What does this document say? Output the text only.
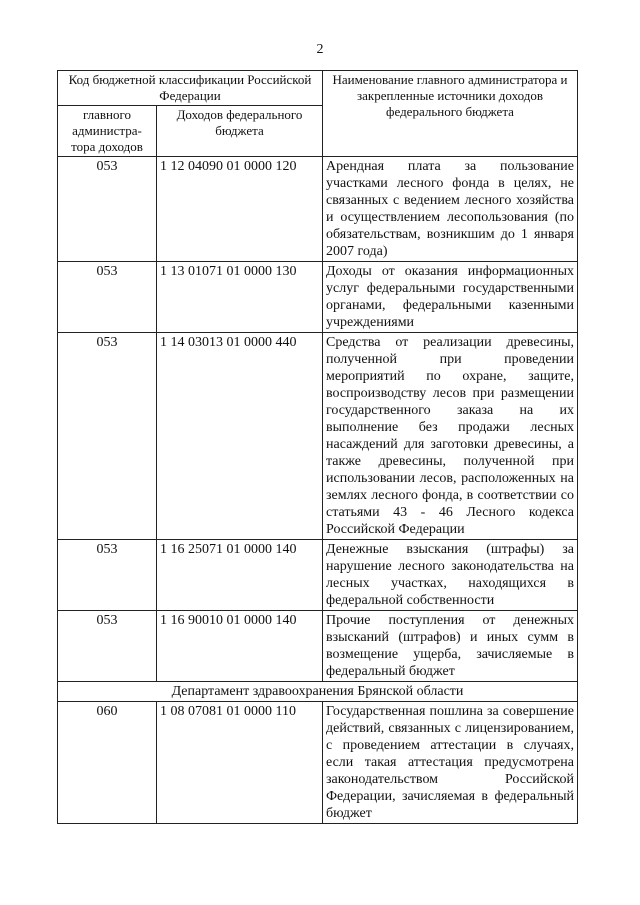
2
Код бюджетной классификации Российской Федерации		Наименование главного администратора и закрепленные источники доходов федерального бюджета
главного администра-тора доходов	Доходов федерального бюджета	
053	1 12 04090 01 0000 120	Арендная плата за пользование участками лесного фонда в целях, не связанных с ведением лесного хозяйства и осуществлением лесопользования (по обязательствам, возникшим до 1 января 2007 года)
053	1 13 01071 01 0000 130	Доходы от оказания информационных услуг федеральными государственными органами, федеральными казенными учреждениями
053	1 14 03013 01 0000 440	Средства от реализации древесины, полученной при проведении мероприятий по охране, защите, воспроизводству лесов при размещении государственного заказа на их выполнение без продажи лесных насаждений для заготовки древесины, а также древесины, полученной при использовании лесов, расположенных на землях лесного фонда, в соответствии со статьями 43 - 46 Лесного кодекса Российской Федерации
053	1 16 25071 01 0000 140	Денежные взыскания (штрафы) за нарушение лесного законодательства на лесных участках, находящихся в федеральной собственности
053	1 16 90010 01 0000 140	Прочие поступления от денежных взысканий (штрафов) и иных сумм в возмещение ущерба, зачисляемые в федеральный бюджет
Департамент здравоохранения Брянской области		
060	1 08 07081 01 0000 110	Государственная пошлина за совершение действий, связанных с лицензированием, с проведением аттестации в случаях, если такая аттестация предусмотрена законодательством Российской Федерации, зачисляемая в федеральный бюджет
